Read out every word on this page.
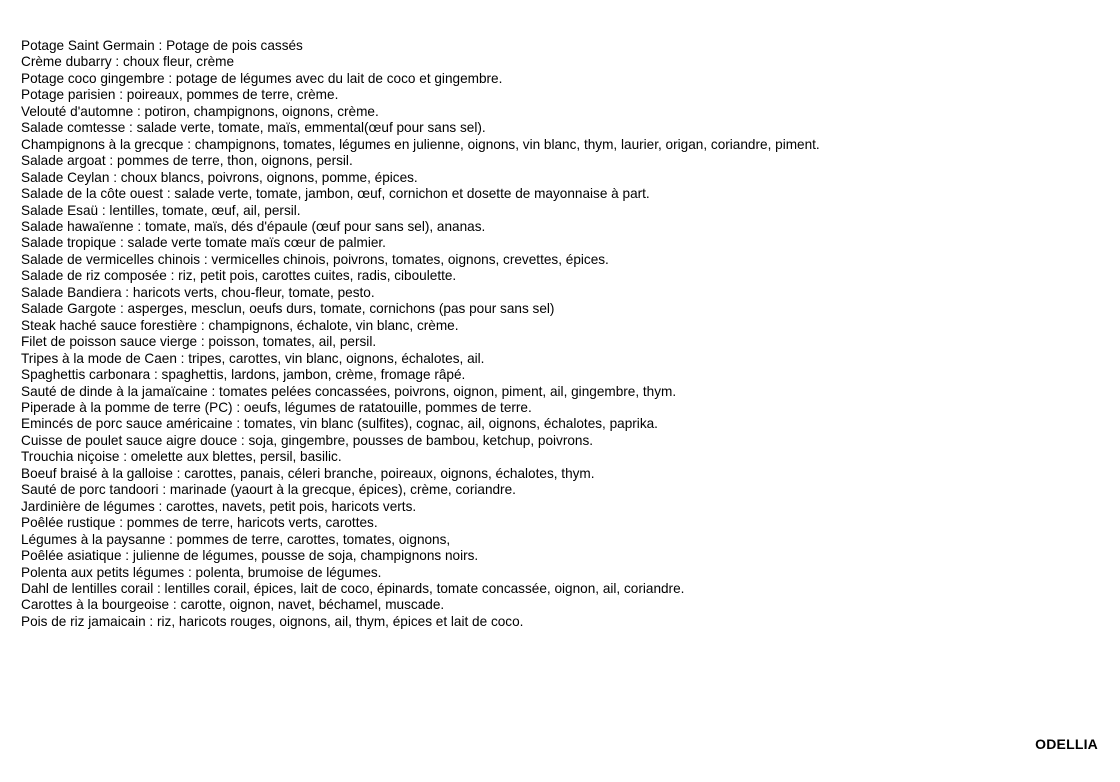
Potage Saint Germain : Potage de pois cassés
Crème dubarry : choux fleur, crème
Potage coco gingembre : potage de légumes avec du lait de coco et gingembre.
Potage parisien : poireaux, pommes de terre, crème.
Velouté d'automne : potiron, champignons, oignons, crème.
Salade comtesse : salade verte, tomate, maïs, emmental(œuf pour sans sel).
Champignons à la grecque : champignons, tomates, légumes en julienne, oignons, vin blanc, thym, laurier, origan, coriandre, piment.
Salade argoat : pommes de terre, thon, oignons, persil.
Salade Ceylan : choux blancs, poivrons, oignons, pomme, épices.
Salade de la côte ouest : salade verte, tomate, jambon, œuf, cornichon et dosette de mayonnaise à part.
Salade Esaü : lentilles, tomate, œuf, ail, persil.
Salade hawaïenne : tomate, maïs, dés d'épaule (œuf pour sans sel), ananas.
Salade tropique : salade verte tomate maïs cœur de palmier.
Salade de vermicelles chinois : vermicelles chinois, poivrons, tomates, oignons, crevettes, épices.
Salade de riz composée : riz, petit pois, carottes cuites, radis, ciboulette.
Salade Bandiera : haricots verts, chou-fleur, tomate, pesto.
Salade Gargote : asperges, mesclun, oeufs durs, tomate, cornichons (pas pour sans sel)
Steak haché sauce forestière : champignons, échalote, vin blanc, crème.
Filet de poisson sauce vierge : poisson, tomates, ail, persil.
Tripes à la mode de Caen : tripes, carottes, vin blanc, oignons, échalotes, ail.
Spaghettis carbonara : spaghettis, lardons, jambon, crème, fromage râpé.
Sauté de dinde à la jamaïcaine : tomates pelées concassées, poivrons, oignon, piment, ail, gingembre, thym.
Piperade à la pomme de terre (PC) : oeufs, légumes de ratatouille, pommes de terre.
Emincés de porc sauce américaine : tomates, vin blanc (sulfites), cognac, ail, oignons, échalotes, paprika.
Cuisse de poulet sauce aigre douce : soja, gingembre, pousses de bambou, ketchup, poivrons.
Trouchia niçoise : omelette aux blettes, persil, basilic.
Boeuf braisé à la galloise : carottes, panais, céleri branche, poireaux, oignons, échalotes, thym.
Sauté de porc tandoori : marinade (yaourt à la grecque, épices), crème, coriandre.
Jardinière de légumes : carottes, navets, petit pois, haricots verts.
Poêlée rustique : pommes de terre, haricots verts, carottes.
Légumes à la paysanne : pommes de terre, carottes, tomates, oignons,
Poêlée asiatique : julienne de légumes, pousse de soja, champignons noirs.
Polenta aux petits légumes : polenta, brumoise de légumes.
Dahl de lentilles corail : lentilles corail, épices, lait de coco, épinards, tomate concassée, oignon, ail, coriandre.
Carottes à la bourgeoise : carotte, oignon, navet, béchamel, muscade.
Pois de riz jamaicain : riz, haricots rouges, oignons, ail, thym, épices et lait de coco.
ODELLIA
